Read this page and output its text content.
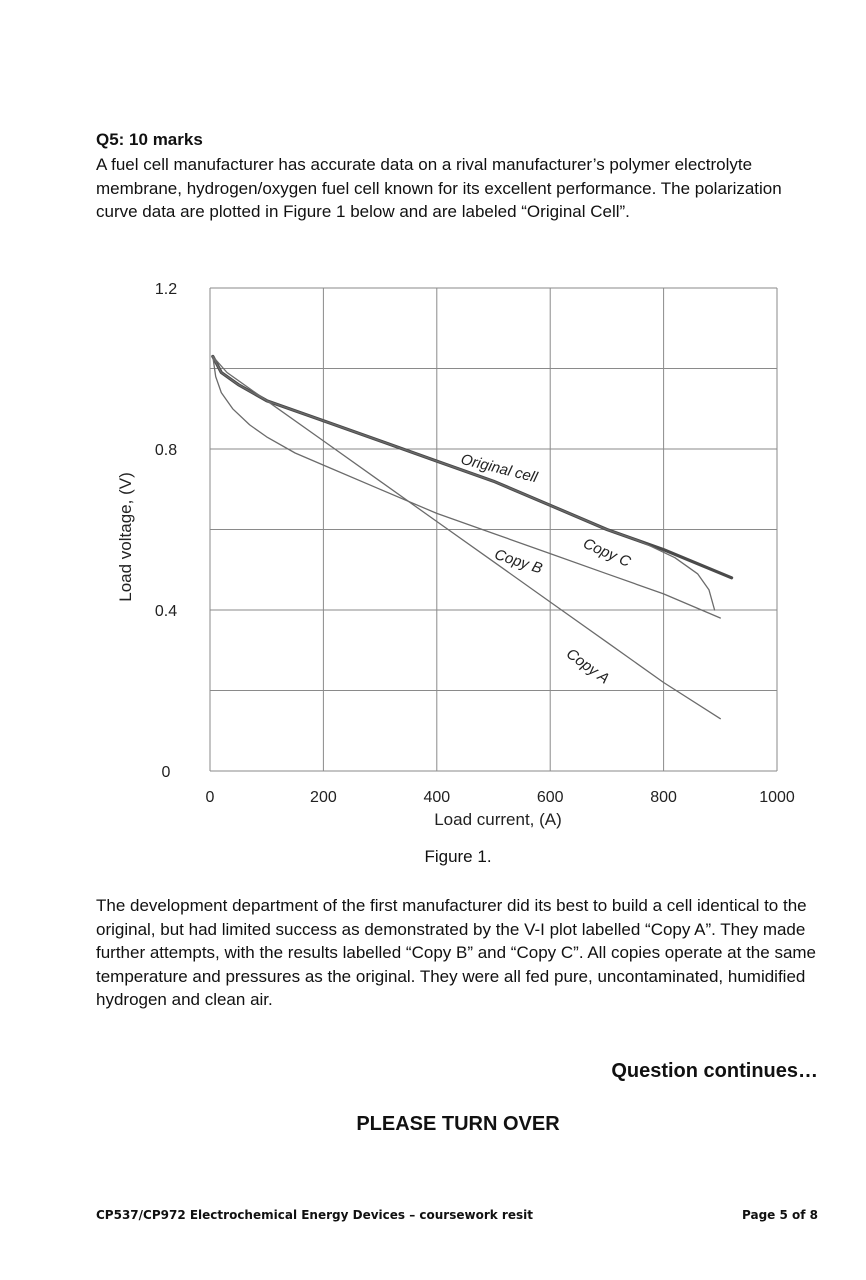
Q5: 10 marks

A fuel cell manufacturer has accurate data on a rival manufacturer’s polymer electrolyte membrane, hydrogen/oxygen fuel cell known for its excellent performance. The polarization curve data are plotted in Figure 1 below and are labeled “Original Cell”.

0	200	400	600	800	1000
0
0.4
0.8
1.2
Original cell
Copy C
Copy B
Copy A
Load current, (A)
Load voltage, (V)

Figure 1.

The development department of the first manufacturer did its best to build a cell identical to the original, but had limited success as demonstrated by the V-I plot labelled “Copy A”. They made further attempts, with the results labelled “Copy B” and “Copy C”. All copies operate at the same temperature and pressures as the original. They were all fed pure, uncontaminated, humidified hydrogen and clean air.

Question continues…

PLEASE TURN OVER

CP537/CP972 Electrochemical Energy Devices – coursework resit	Page 5 of 8
